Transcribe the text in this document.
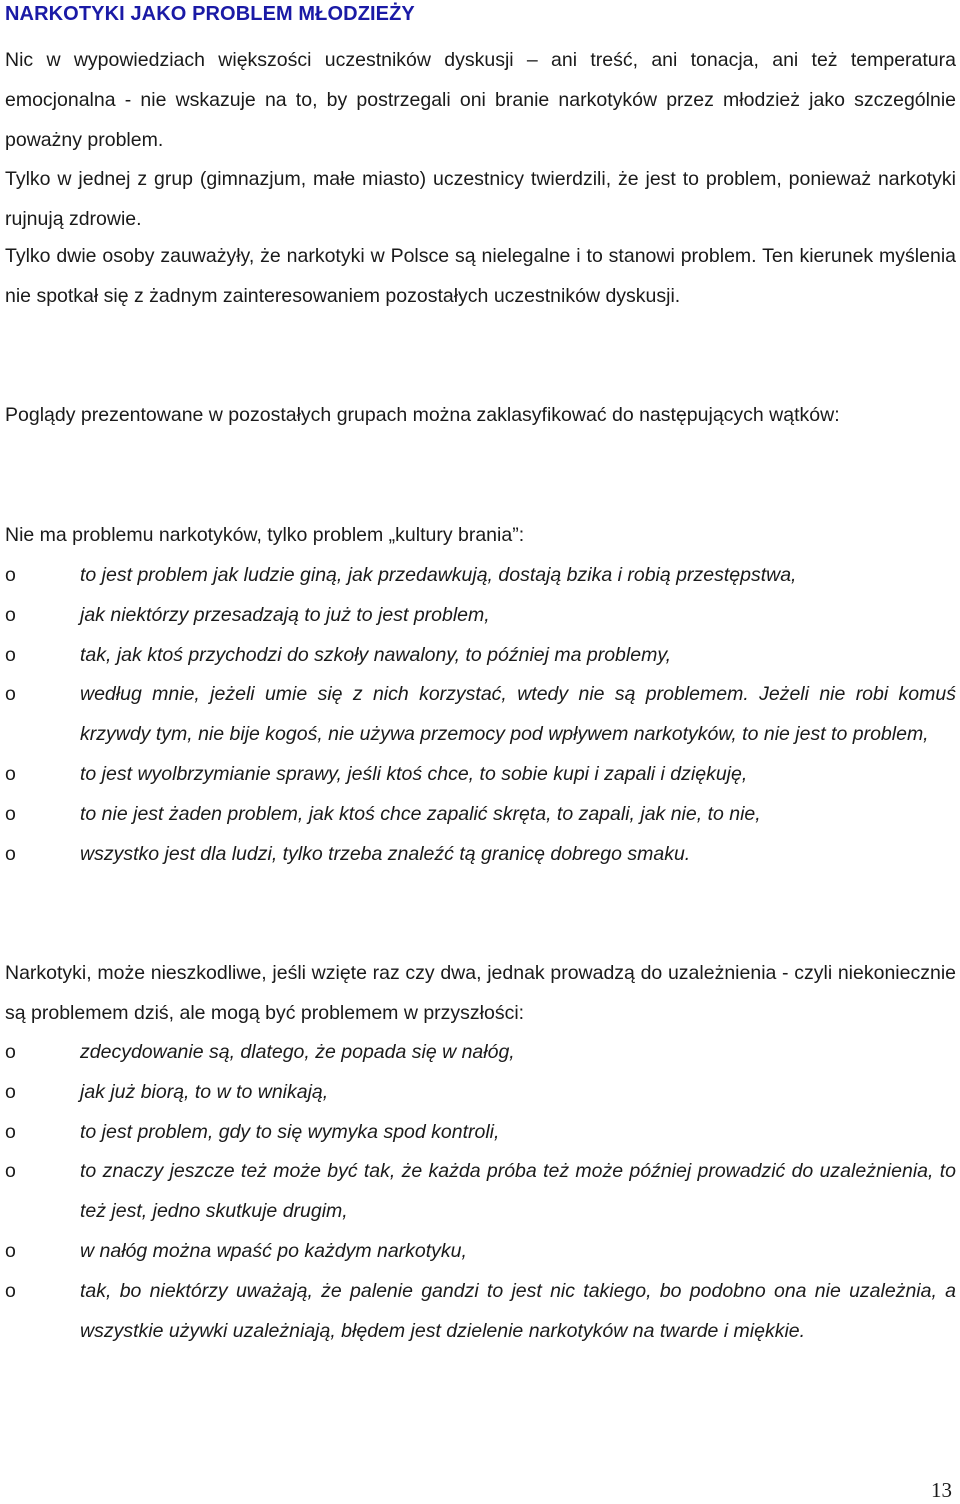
NARKOTYKI JAKO PROBLEM MŁODZIEŻY

Nic w wypowiedziach większości uczestników dyskusji – ani treść, ani tonacja, ani też temperatura emocjonalna - nie wskazuje na to, by postrzegali oni branie narkotyków przez młodzież jako szczególnie poważny problem.

Tylko w jednej z grup (gimnazjum, małe miasto) uczestnicy twierdzili, że jest to problem, ponieważ narkotyki rujnują zdrowie.

Tylko dwie osoby zauważyły, że narkotyki w Polsce są nielegalne i to stanowi problem. Ten kierunek myślenia nie spotkał się z żadnym zainteresowaniem pozostałych uczestników dyskusji.

Poglądy prezentowane w pozostałych grupach można zaklasyfikować do następujących wątków:

Nie ma problemu narkotyków, tylko problem „kultury brania”:

o	to jest problem jak ludzie giną, jak przedawkują, dostają bzika i robią przestępstwa,
o	jak niektórzy przesadzają to już to jest problem,
o	tak, jak ktoś przychodzi do szkoły nawalony, to później ma problemy,
o	według mnie, jeżeli umie się z nich korzystać, wtedy nie są problemem. Jeżeli nie robi komuś krzywdy tym, nie bije kogoś, nie używa przemocy pod wpływem narkotyków, to nie jest to problem,
o	to jest wyolbrzymianie sprawy, jeśli ktoś chce, to sobie kupi i zapali i dziękuję,
o	to nie jest żaden problem, jak ktoś chce zapalić skręta, to zapali, jak nie, to nie,
o	wszystko jest dla ludzi, tylko trzeba znaleźć tą granicę dobrego smaku.

Narkotyki, może nieszkodliwe, jeśli wzięte raz czy dwa, jednak prowadzą do uzależnienia - czyli niekoniecznie są problemem dziś, ale mogą być problemem w przyszłości:

o	zdecydowanie są, dlatego, że popada się w nałóg,
o	jak już biorą, to w to wnikają,
o	to jest problem, gdy to się wymyka spod kontroli,
o	to znaczy jeszcze też może być tak, że każda próba też może później prowadzić do uzależnienia, to też jest, jedno skutkuje drugim,
o	w nałóg można wpaść po każdym narkotyku,
o	tak, bo niektórzy uważają, że palenie gandzi to jest nic takiego, bo podobno ona nie uzależnia, a wszystkie używki uzależniają, błędem jest dzielenie narkotyków na twarde i miękkie.

13
